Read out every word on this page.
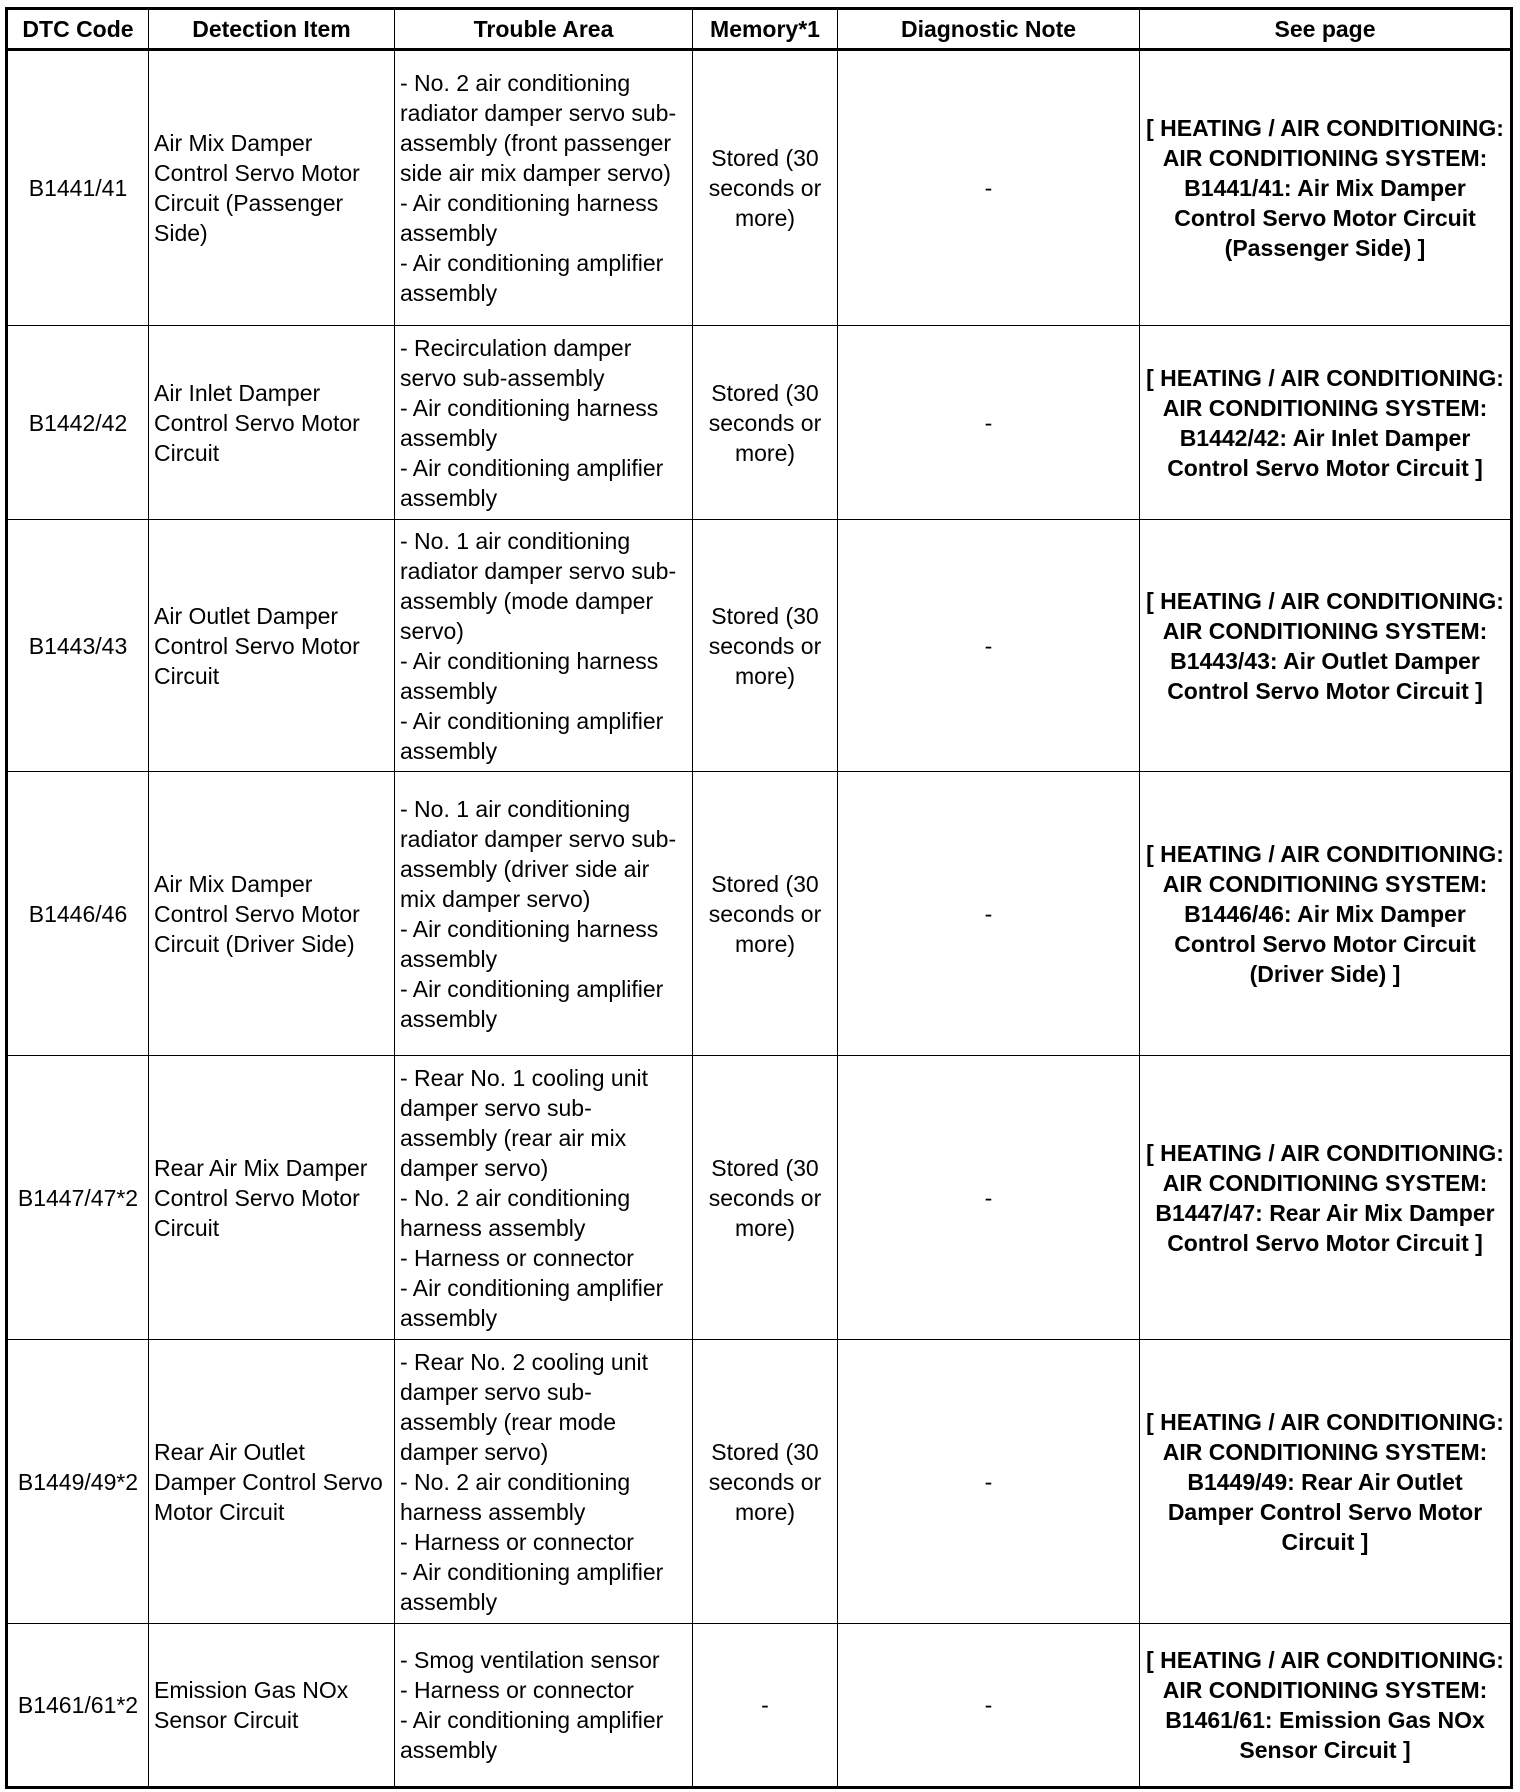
DTC Code	Detection Item	Trouble Area	Memory*1	Diagnostic Note	See page
B1441/41	Air Mix Damper Control Servo Motor Circuit (Passenger Side)	- No. 2 air conditioning radiator damper servo sub-assembly (front passenger side air mix damper servo)
- Air conditioning harness assembly
- Air conditioning amplifier assembly	Stored (30 seconds or more)	-	[ HEATING / AIR CONDITIONING: AIR CONDITIONING SYSTEM: B1441/41: Air Mix Damper Control Servo Motor Circuit (Passenger Side) ]
B1442/42	Air Inlet Damper Control Servo Motor Circuit	- Recirculation damper servo sub-assembly
- Air conditioning harness assembly
- Air conditioning amplifier assembly	Stored (30 seconds or more)	-	[ HEATING / AIR CONDITIONING: AIR CONDITIONING SYSTEM: B1442/42: Air Inlet Damper Control Servo Motor Circuit ]
B1443/43	Air Outlet Damper Control Servo Motor Circuit	- No. 1 air conditioning radiator damper servo sub-assembly (mode damper servo)
- Air conditioning harness assembly
- Air conditioning amplifier assembly	Stored (30 seconds or more)	-	[ HEATING / AIR CONDITIONING: AIR CONDITIONING SYSTEM: B1443/43: Air Outlet Damper Control Servo Motor Circuit ]
B1446/46	Air Mix Damper Control Servo Motor Circuit (Driver Side)	- No. 1 air conditioning radiator damper servo sub-assembly (driver side air mix damper servo)
- Air conditioning harness assembly
- Air conditioning amplifier assembly	Stored (30 seconds or more)	-	[ HEATING / AIR CONDITIONING: AIR CONDITIONING SYSTEM: B1446/46: Air Mix Damper Control Servo Motor Circuit (Driver Side) ]
B1447/47*2	Rear Air Mix Damper Control Servo Motor Circuit	- Rear No. 1 cooling unit damper servo sub-assembly (rear air mix damper servo)
- No. 2 air conditioning harness assembly
- Harness or connector
- Air conditioning amplifier assembly	Stored (30 seconds or more)	-	[ HEATING / AIR CONDITIONING: AIR CONDITIONING SYSTEM: B1447/47: Rear Air Mix Damper Control Servo Motor Circuit ]
B1449/49*2	Rear Air Outlet Damper Control Servo Motor Circuit	- Rear No. 2 cooling unit damper servo sub-assembly (rear mode damper servo)
- No. 2 air conditioning harness assembly
- Harness or connector
- Air conditioning amplifier assembly	Stored (30 seconds or more)	-	[ HEATING / AIR CONDITIONING: AIR CONDITIONING SYSTEM: B1449/49: Rear Air Outlet Damper Control Servo Motor Circuit ]
B1461/61*2	Emission Gas NOx Sensor Circuit	- Smog ventilation sensor
- Harness or connector
- Air conditioning amplifier assembly	-	-	[ HEATING / AIR CONDITIONING: AIR CONDITIONING SYSTEM: B1461/61: Emission Gas NOx Sensor Circuit ]
